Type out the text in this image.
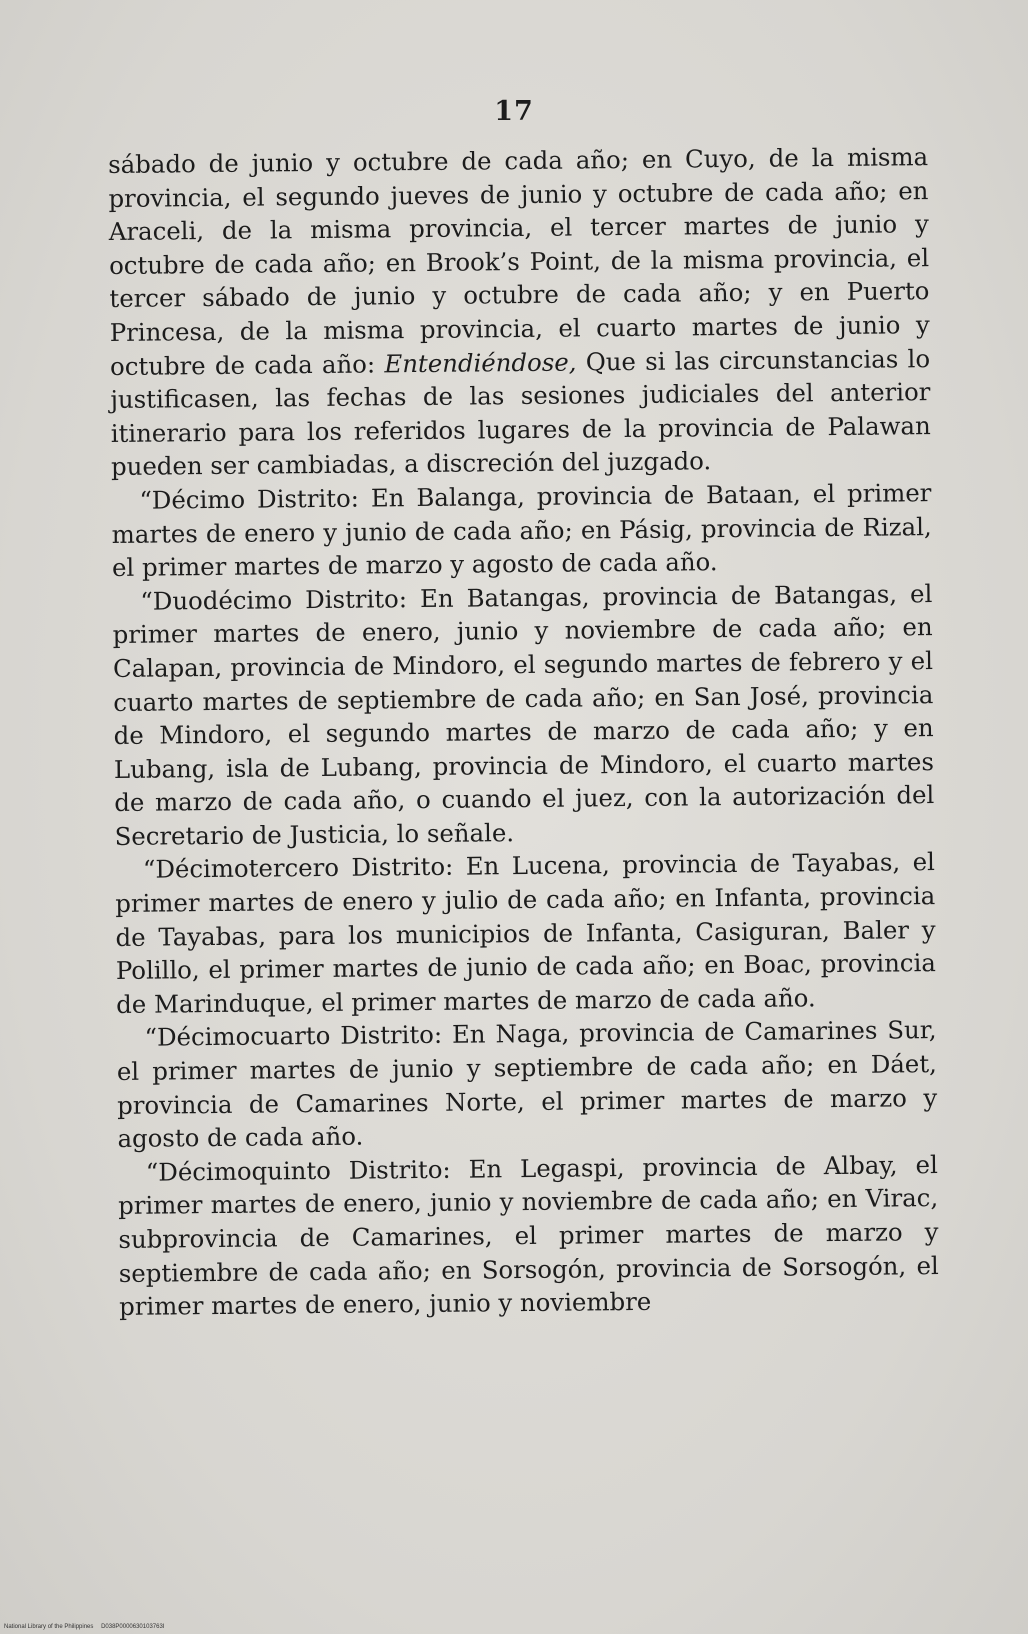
17

sábado de junio y octubre de cada año; en Cuyo, de la misma provincia, el segundo jueves de junio y octubre de cada año; en Araceli, de la misma provincia, el tercer martes de junio y octubre de cada año; en Brook’s Point, de la misma provincia, el tercer sábado de junio y octubre de cada año; y en Puerto Princesa, de la misma provincia, el cuarto martes de junio y octubre de cada año: Entendiéndose, Que si las circunstancias lo justificasen, las fechas de las sesiones judiciales del anterior itinerario para los referidos lugares de la provincia de Palawan pueden ser cambiadas, a discreción del juzgado.

“Décimo Distrito: En Balanga, provincia de Bataan, el primer martes de enero y junio de cada año; en Pásig, provincia de Rizal, el primer martes de marzo y agosto de cada año.

“Duodécimo Distrito: En Batangas, provincia de Batangas, el primer martes de enero, junio y noviembre de cada año; en Calapan, provincia de Mindoro, el segundo martes de febrero y el cuarto martes de septiembre de cada año; en San José, provincia de Mindoro, el segundo martes de marzo de cada año; y en Lubang, isla de Lubang, provincia de Mindoro, el cuarto martes de marzo de cada año, o cuando el juez, con la autorización del Secretario de Justicia, lo señale.

“Décimotercero Distrito: En Lucena, provincia de Tayabas, el primer martes de enero y julio de cada año; en Infanta, provincia de Tayabas, para los municipios de Infanta, Casiguran, Baler y Polillo, el primer martes de junio de cada año; en Boac, provincia de Marinduque, el primer martes de marzo de cada año.

“Décimocuarto Distrito: En Naga, provincia de Camarines Sur, el primer martes de junio y septiembre de cada año; en Dáet, provincia de Camarines Norte, el primer martes de marzo y agosto de cada año.

“Décimoquinto Distrito: En Legaspi, provincia de Albay, el primer martes de enero, junio y noviembre de cada año; en Virac, subprovincia de Camarines, el primer martes de marzo y septiembre de cada año; en Sorsogón, provincia de Sorsogón, el primer martes de enero, junio y noviembre

National Library of the Philippines D038P0000630103763I
